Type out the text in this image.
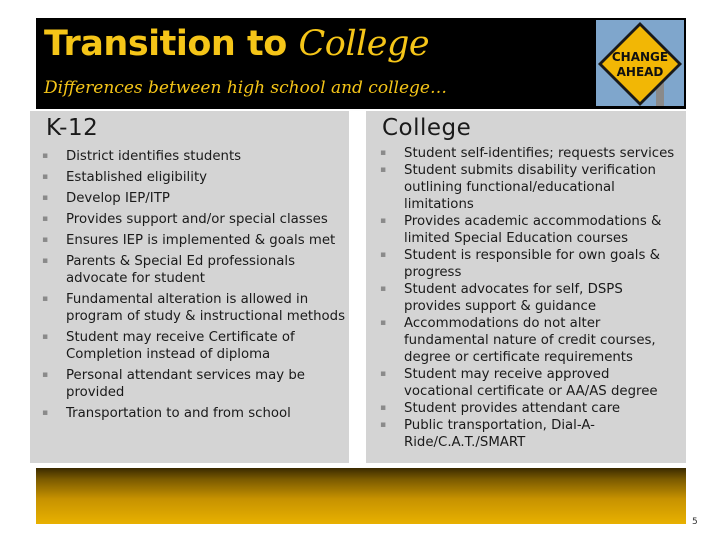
Transition to College
Differences between high school and college…
CHANGE
AHEAD
K-12
▪ District identifies students
▪ Established eligibility
▪ Develop IEP/ITP
▪ Provides support and/or special classes
▪ Ensures IEP is implemented & goals met
▪ Parents & Special Ed professionals advocate for student
▪ Fundamental alteration is allowed in program of study & instructional methods
▪ Student may receive Certificate of Completion instead of diploma
▪ Personal attendant services may be provided
▪ Transportation to and from school
College
▪ Student self-identifies; requests services
▪ Student submits disability verification outlining functional/educational limitations
▪ Provides academic accommodations & limited Special Education courses
▪ Student is responsible for own goals & progress
▪ Student advocates for self, DSPS provides support & guidance
▪ Accommodations do not alter fundamental nature of credit courses, degree or certificate requirements
▪ Student may receive approved vocational certificate or AA/AS degree
▪ Student provides attendant care
▪ Public transportation, Dial-A-Ride/C.A.T./SMART
5
